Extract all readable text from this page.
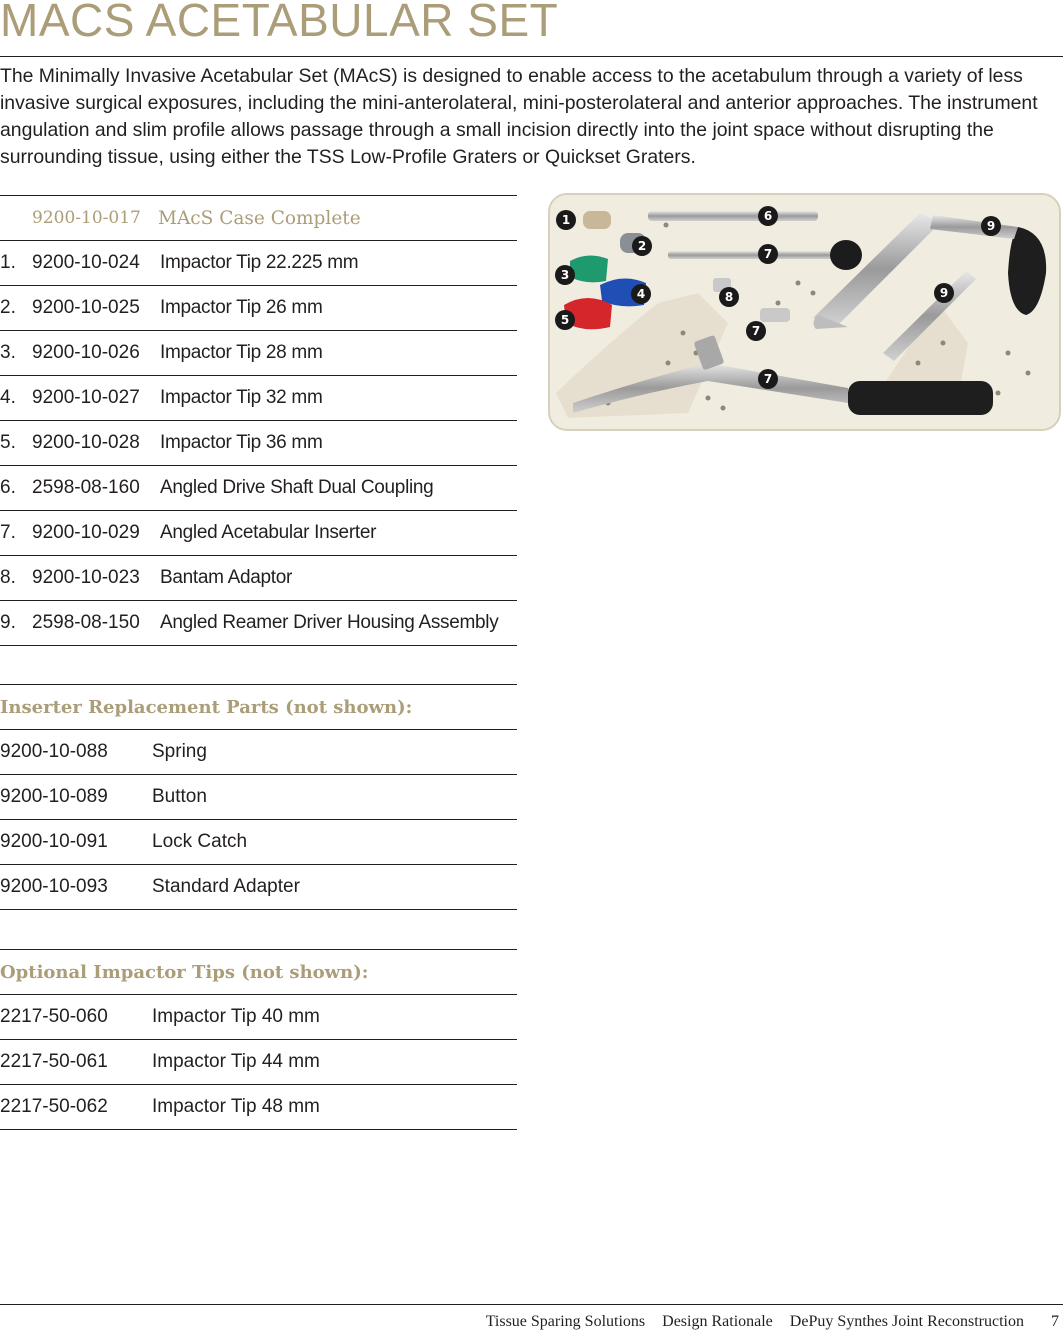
MACS ACETABULAR SET

The Minimally Invasive Acetabular Set (MAcS) is designed to enable access to the acetabulum through a variety of less invasive surgical exposures, including the mini-anterolateral, mini-posterolateral and anterior approaches. The instrument angulation and slim profile allows passage through a small incision directly into the joint space without disrupting the surrounding tissue, using either the TSS Low-Profile Graters or Quickset Graters.

9200-10-017 MAcS Case Complete
1. 9200-10-024	Impactor Tip 22.225 mm
2. 9200-10-025	Impactor Tip 26 mm
3. 9200-10-026	Impactor Tip 28 mm
4. 9200-10-027	Impactor Tip 32 mm
5. 9200-10-028	Impactor Tip 36 mm
6. 2598-08-160	Angled Drive Shaft Dual Coupling
7. 9200-10-029	Angled Acetabular Inserter
8. 9200-10-023	Bantam Adaptor
9. 2598-08-150	Angled Reamer Driver Housing Assembly
Inserter Replacement Parts (not shown):
9200-10-088	Spring
9200-10-089	Button
9200-10-091	Lock Catch
9200-10-093	Standard Adapter
Optional Impactor Tips (not shown):
2217-50-060	Impactor Tip 40 mm
2217-50-061	Impactor Tip 44 mm
2217-50-062	Impactor Tip 48 mm
1
2
3
4
5
6
7
7
7
8
9
9
Tissue Sparing Solutions Design Rationale DePuy Synthes Joint Reconstruction 7
